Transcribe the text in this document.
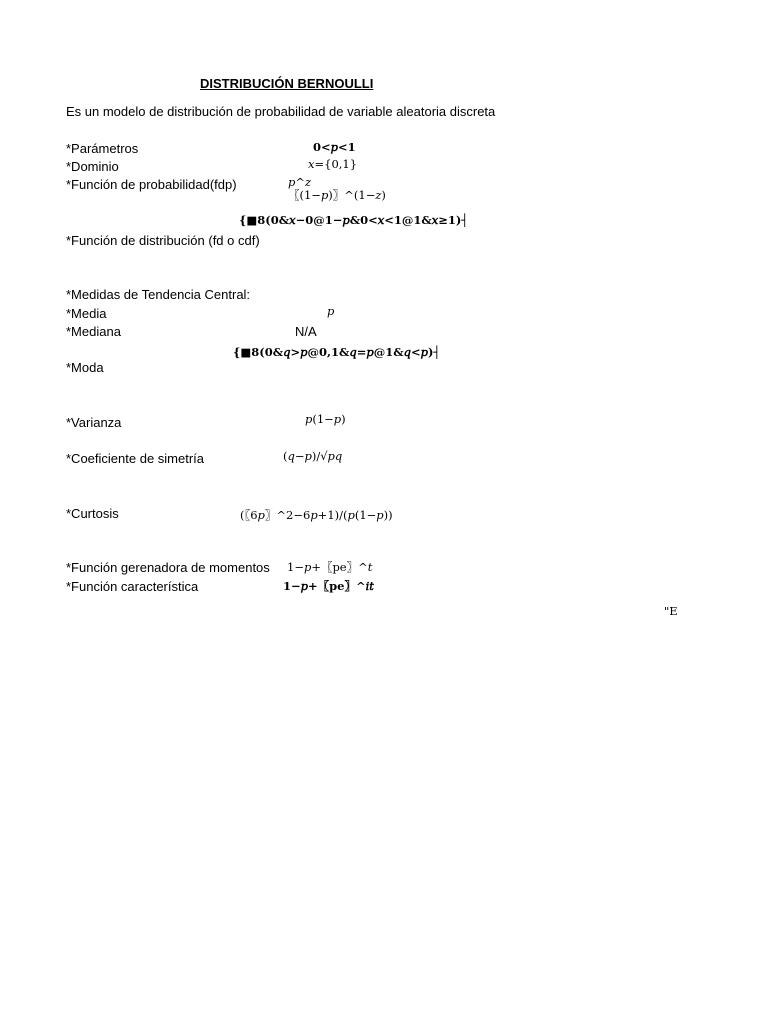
DISTRIBUCIÓN BERNOULLI
Es un modelo de distribución de probabilidad de variable aleatoria discreta
*Parámetros	0<𝑝<1
*Dominio	𝑥={0,1}
*Función de probabilidad(fdp)	𝑝^𝑧
〖(1−𝑝)〗^(1−𝑧)
{■8(0&𝑥−0@1−𝑝&0<𝑥<1@1&𝑥≥1)┤
*Función de distribución (fd o cdf)
*Medidas de Tendencia Central:
*Media	𝑝
*Mediana	N/A
{■8(0&𝑞>𝑝@0,1&𝑞=𝑝@1&𝑞<𝑝)┤
*Moda
*Varianza	𝑝(1−𝑝)
*Coeficiente de simetría	(𝑞−𝑝)/√𝑝𝑞
*Curtosis	(〖6𝑝〗^2−6𝑝+1)/(𝑝(1−𝑝))
*Función gerenadora de momentos 1−𝑝+〖pe〗^𝑡
*Función característica	1−𝑝+〖pe〗^𝑖𝑡
"E
